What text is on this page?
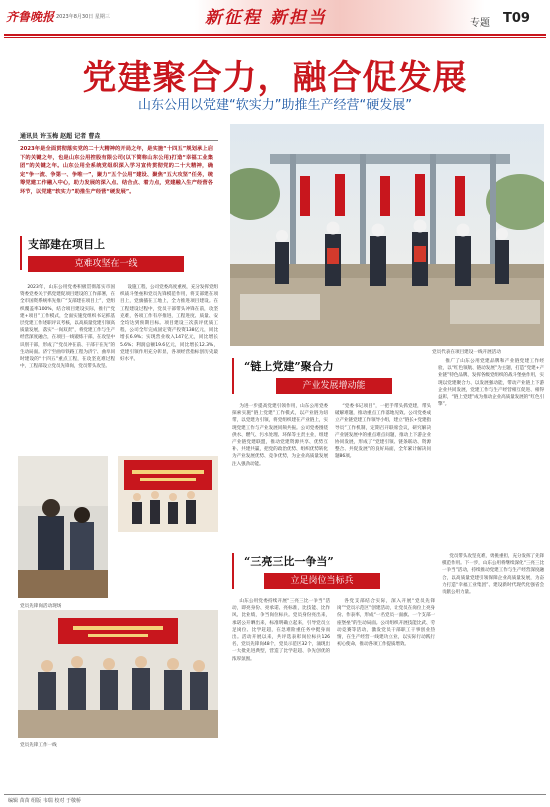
齐鲁晚报 2023年8月30日 星期三	新征程 新担当	专题 T09
党建聚合力，融合促发展
山东公用以党建“软实力”助推生产经营“硬发展”
通讯员 许玉梅 赵超 记者 曹垚
2023年是全面贯彻落实党的二十大精神的开局之年，是实施“十四五”规划承上启下的关键之年，也是山东公用控股有限公司(以下简称山东公用)打造“幸福工业集团”的关键之年。山东公用全系统党组织深入学习宣传贯彻党的二十大精神，确定“争一流、争第一、争唯一”，聚力“五个公用”建设、聚焦“五大攻坚”任务，统筹党建工作融入中心，助力发展的深入点、结合点、着力点，党建融入生产经营各环节，以党建“软实力”助推生产经营“硬发展”。
党员代表在项目建设一线开展活动
支部建在项目上
克难攻坚在一线

2023年，山东公用党委积极贯彻落实市国资委党委关于抓党建促项目建设的工作部署，在全市国资系统率先推广“支部建在项目上”，党组织覆盖率100%，结合项目建设实际，推行“党建+项目”工作模式，全面实施党组织书记抓基层党建工作述职评议考核，以高质量党建引领高质量发展，落实“一岗双责”，将党建工作与生产经营深度融合，在项目一线锻炼干部，在攻坚中识别干部，形成了“党员冲在前、干部干在先”的生动局面。济宁至曲阜铁路工程为济宁、曲阜同时建设的“十四五”重点工程，在攻坚克难过程中，工程部设立党员先锋岗，党员带头攻坚。

设施工程，公司党委高度重视，充分发挥党组织战斗堡垒和党员先锋模范作用，将支部建在项目上，党旗插在工地上，全力推进项目建设。在工程建设过程中，党员干部带头冲锋在前，攻坚克难，各项工作有序推进，工程进度、质量、安全均达到预期目标。项目建设三次获评优质工程，公司全年完成固定资产投资138亿元，同比增长6.9%；实现营业收入147亿元，同比增长5.6%；利润总额19.6亿元，同比增长12.3%，党建引领作用充分彰显，各项经营指标创历史最好水平。

党员先锋岗活动现场
党员先锋工作一线
“链上党建”聚合力
产业发展增动能

为进一步提高党建引领作用，山东公用党委探索实施“链上党建”工作模式，以产业链为纽带，以党建为引领，将党组织建在产业链上，实现党建工作与产业发展同频共振。公司党委围绕供水、燃气、污水处理、环保等主责主业，组建产业链党建联盟，推动党建资源共享、优势互补、共建共赢，把党的政治优势、组织优势转化为产业发展优势、竞争优势，为企业高质量发展注入强劲动能。

“党委书记项目”，一把手带头抓党建，带头破解难题，推动重点工作落地见效。公司党委成立产业链党建工作领导小组，建立“链长+党建指导员”工作机制，定期召开联席会议，研究解决产业链发展中的重点难点问题，推动上下游企业协同发展，形成了“党建引领、链条联动、资源整合、共促发展”的良好局面，全年累计解决问题86项。

推广了山东公用党建品牌和产业链党建工作经验，以“红色领航、链动发展”为主题，打造“党建+产业链”特色品牌，发挥各级党组织的战斗堡垒作用，实现以党建聚合力、以发展强动能，带动产业链上下游企业共同发展，党建工作与生产经营相互促进、相得益彰，“链上党建”成为推动企业高质量发展的“红色引擎”。

“三亮三比一争当”
立足岗位当标兵

山东公用党委持续开展“三亮三比一争当”活动，即亮身份、亮承诺、亮标准，比技能、比作风、比业绩，争当岗位标兵。党员身份亮出来，承诺公开晒出来，标准明确立起来，引导党员立足岗位、比学赶超，在急难险重任务中挺身而出。活动开展以来，共评选表彰岗位标兵126名，党员先锋岗48个，党员示范区32个，涌现出一大批先进典型，营造了比学赶超、争先创优的浓厚氛围。

各党支部结合实际，深入开展“党员先锋岗”“党员示范区”创建活动，让党员在岗位上亮身份、作表率，形成“一名党员一面旗、一个支部一座堡垒”的生动局面。公司组织开展技能比武、劳动竞赛等活动，激发党员干部职工干事创业热情，在生产经营一线建功立业，以实际行动践行初心使命，推动各项工作提质增效。

党员带头攻坚克难，勇挑重担，充分发挥了先锋模范作用。下一步，山东公用将继续深化“三亮三比一争当”活动，持续推动党建工作与生产经营深度融合，以高质量党建引领保障企业高质量发展，为奋力打造“幸福工业集团”、建设新时代现代化强省会贡献公用力量。

编辑 苗苗 组版 韦瑞 校对 于敬桥
